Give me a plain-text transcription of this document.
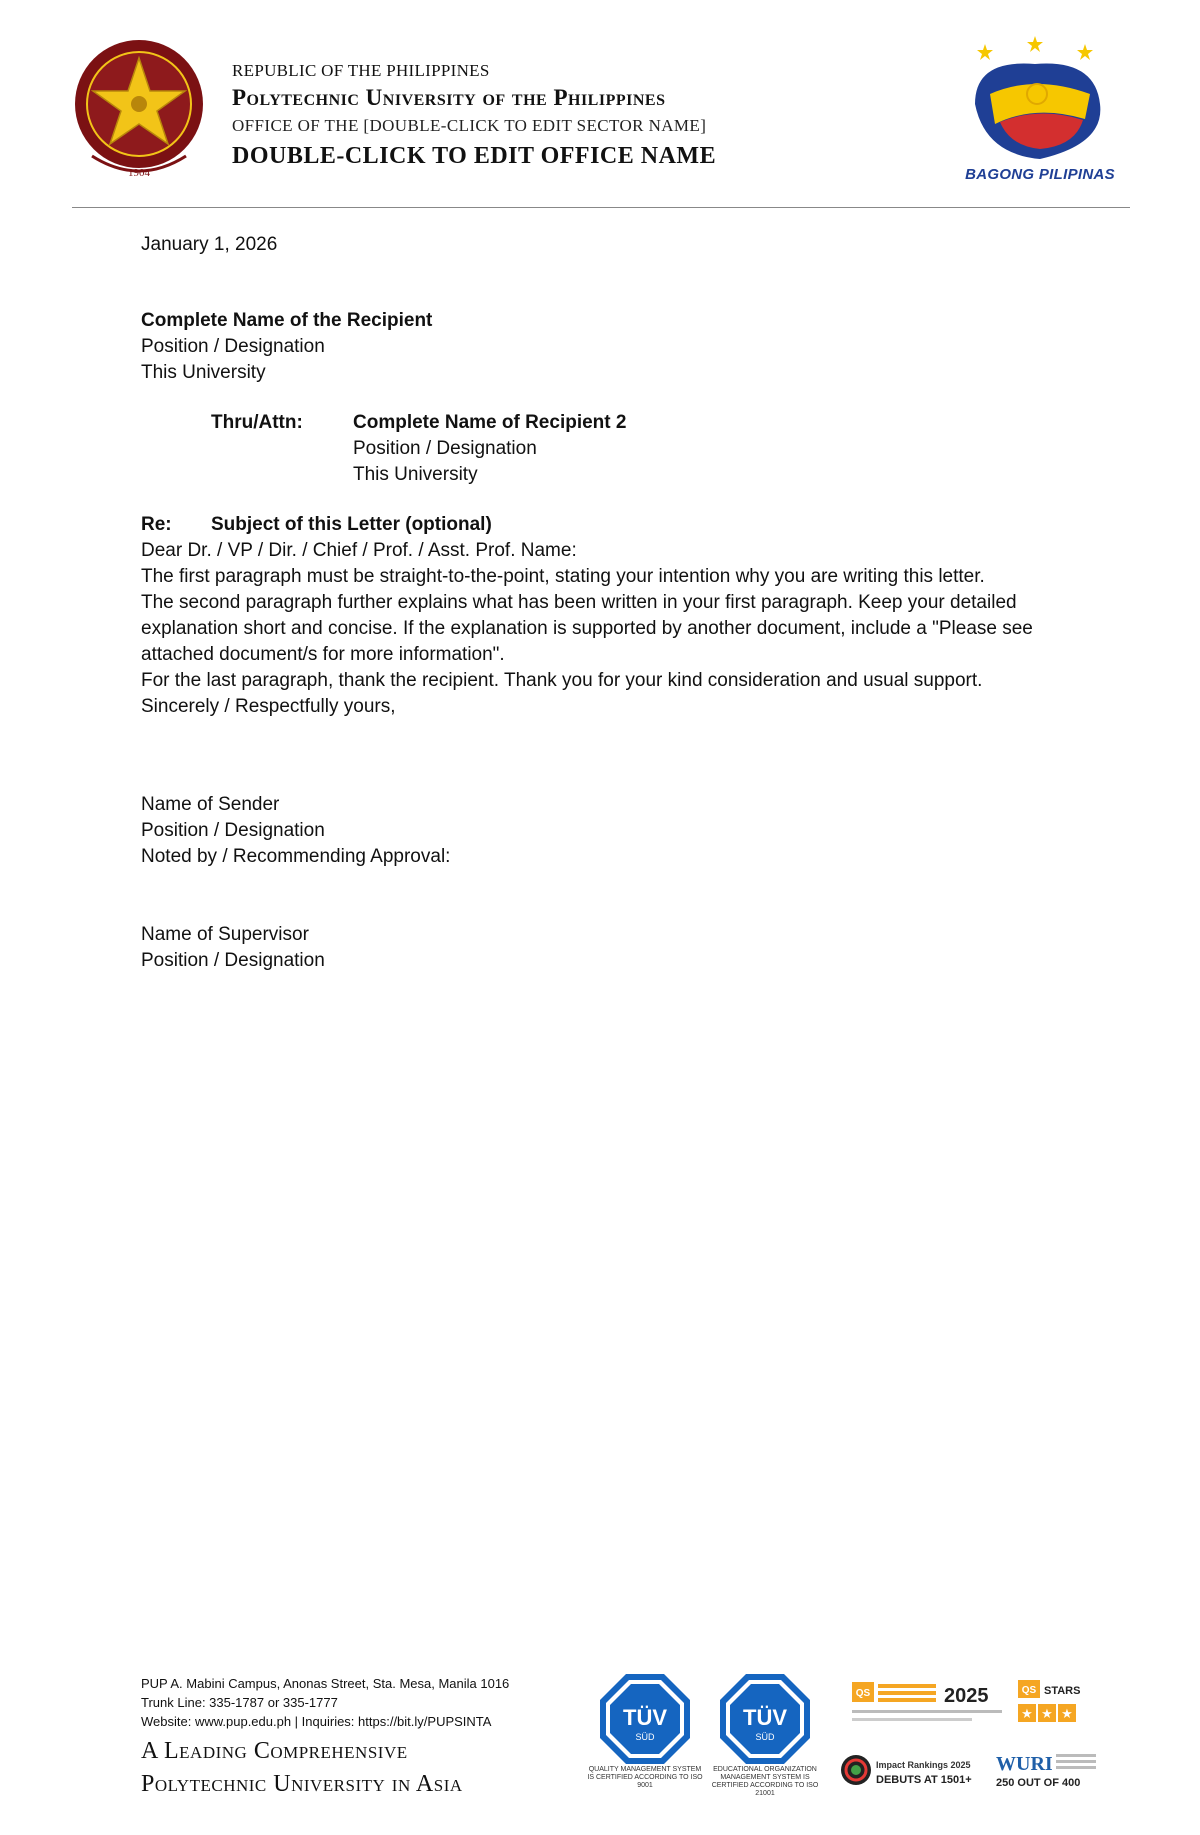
1904
REPUBLIC OF THE PHILIPPINES
Polytechnic University of the Philippines
OFFICE OF THE [DOUBLE-CLICK TO EDIT SECTOR NAME]
DOUBLE-CLICK TO EDIT OFFICE NAME
BAGONG PILIPINAS

January 1, 2026

Complete Name of the Recipient

Position / Designation

This University

Thru/Attn:	Complete Name of Recipient 2

Position / Designation

This University

Re:	Subject of this Letter (optional)

Dear Dr. / VP / Dir. / Chief / Prof. / Asst. Prof. Name:

The first paragraph must be straight-to-the-point, stating your intention why you are writing this letter.

The second paragraph further explains what has been written in your first paragraph. Keep your detailed explanation short and concise. If the explanation is supported by another document, include a "Please see attached document/s for more information".

For the last paragraph, thank the recipient. Thank you for your kind consideration and usual support.

Sincerely / Respectfully yours,

Name of Sender

Position / Designation

Noted by / Recommending Approval:

Name of Supervisor

Position / Designation

PUP A. Mabini Campus, Anonas Street, Sta. Mesa, Manila 1016
Trunk Line: 335-1787 or 335-1777
Website: www.pup.edu.ph | Inquiries: https://bit.ly/PUPSINTA
A Leading Comprehensive
Polytechnic University in Asia
TÜV
SÜD
QUALITY MANAGEMENT SYSTEM IS CERTIFIED ACCORDING TO ISO 9001
TÜV
SÜD
EDUCATIONAL ORGANIZATION MANAGEMENT SYSTEM IS CERTIFIED ACCORDING TO ISO 21001
QS	2025	QS STARS
★ ★ ★
Impact Rankings 2025
DEBUTS AT 1501+
WURI
250 OUT OF 400
